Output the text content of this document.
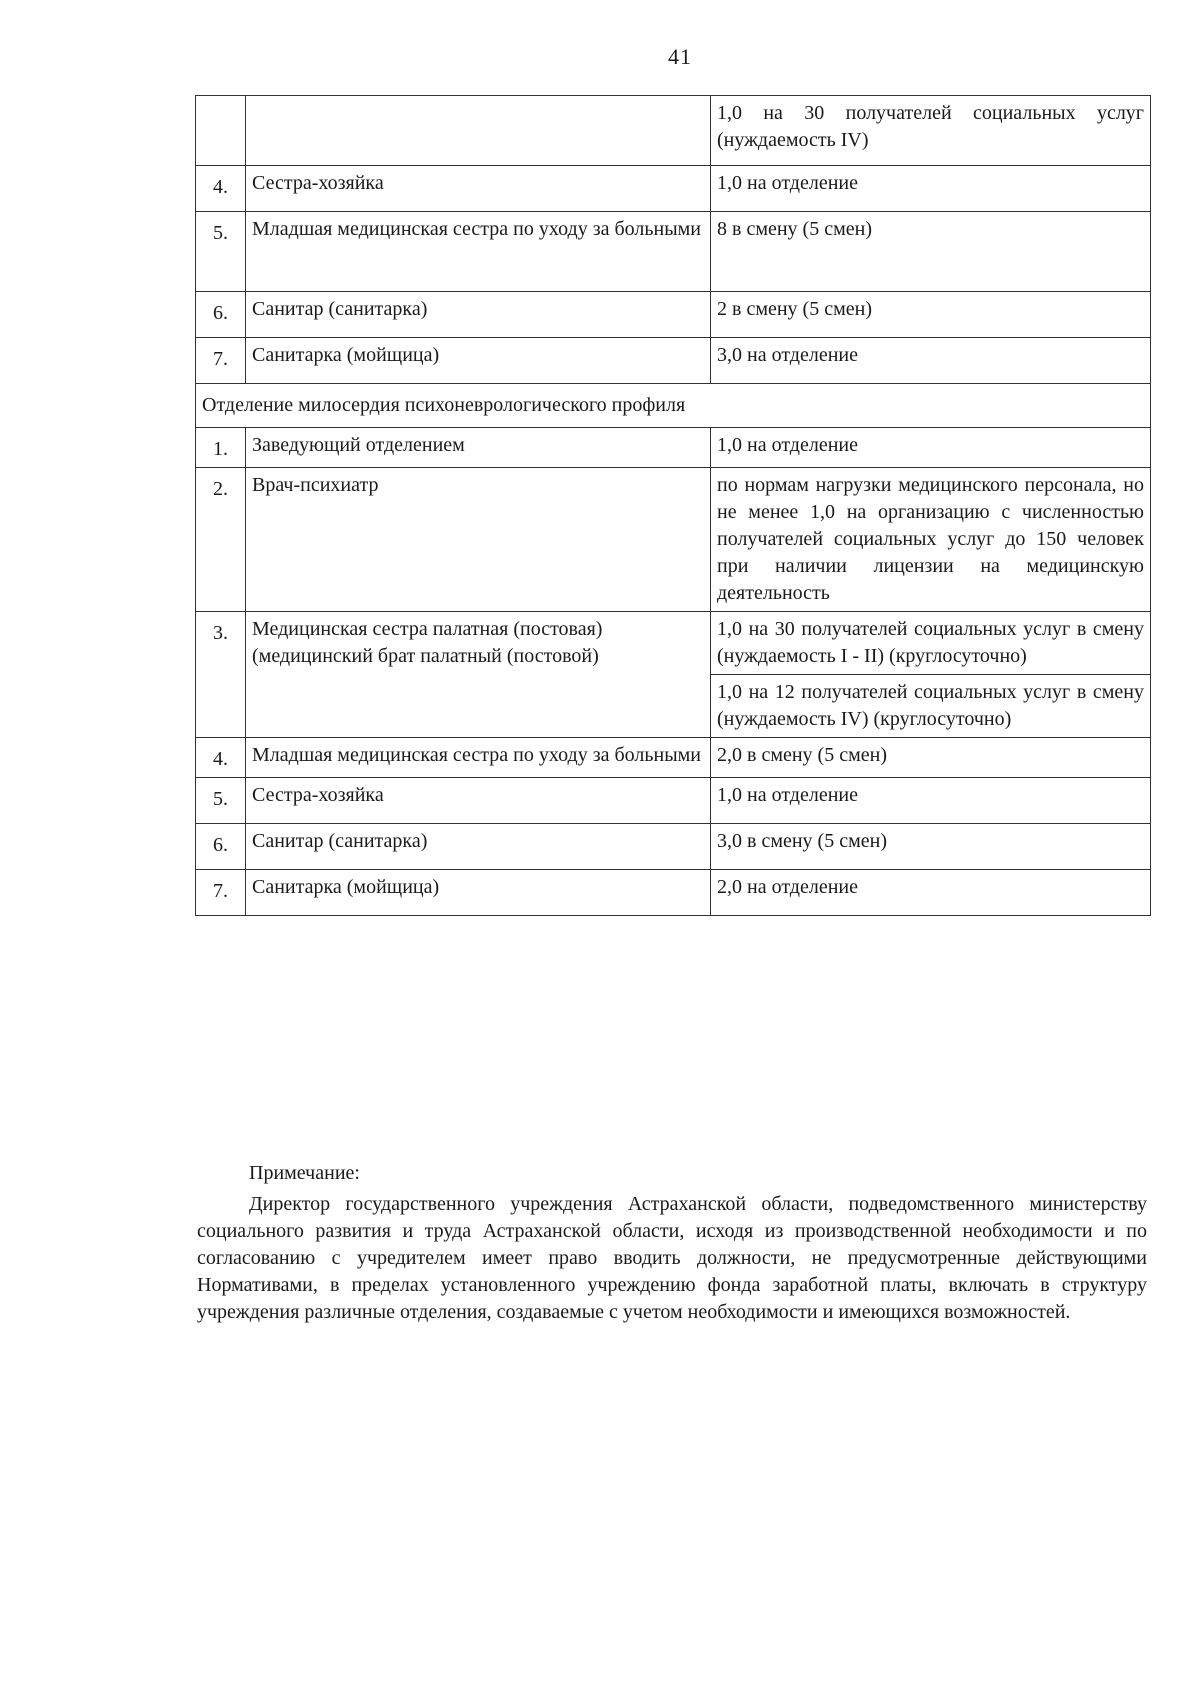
41
		1,0 на 30 получателей социальных услуг (нуждаемость IV)
4.	Сестра-хозяйка	1,0 на отделение
5.	Младшая медицинская сестра по уходу за больными	8 в смену (5 смен)
6.	Санитар (санитарка)	2 в смену (5 смен)
7.	Санитарка (мойщица)	3,0 на отделение
Отделение милосердия психоневрологического профиля		
1.	Заведующий отделением	1,0 на отделение
2.	Врач-психиатр	по нормам нагрузки медицинского персонала, но не менее 1,0 на организацию с численностью получателей социальных услуг до 150 человек при наличии лицензии на медицинскую деятельность
3.	Медицинская сестра палатная (постовая) (медицинский брат палатный (постовой)	1,0 на 30 получателей социальных услуг в смену (нуждаемость I - II) (круглосуточно)
		1,0 на 12 получателей социальных услуг в смену (нуждаемость IV) (круглосуточно)
4.	Младшая медицинская сестра по уходу за больными	2,0 в смену (5 смен)
5.	Сестра-хозяйка	1,0 на отделение
6.	Санитар (санитарка)	3,0 в смену (5 смен)
7.	Санитарка (мойщица)	2,0 на отделение
Примечание:
Директор государственного учреждения Астраханской области, подведомственного министерству социального развития и труда Астраханской области, исходя из производственной необходимости и по согласованию с учредителем имеет право вводить должности, не предусмотренные действующими Нормативами, в пределах установленного учреждению фонда заработной платы, включать в структуру учреждения различные отделения, создаваемые с учетом необходимости и имеющихся возможностей.
